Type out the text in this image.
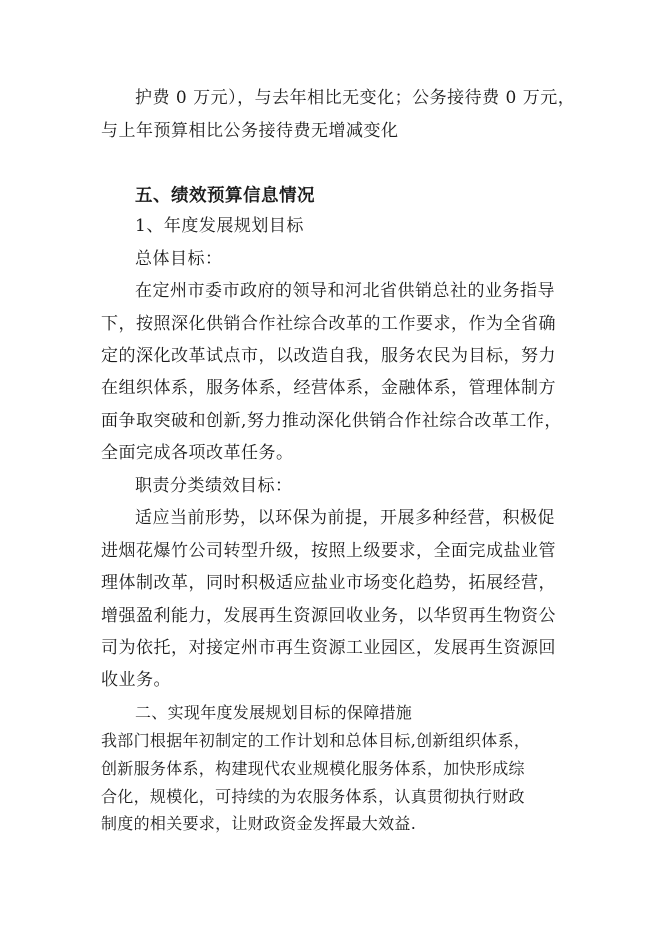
护费 0 万元），与去年相比无变化；公务接待费 0 万元，
与上年预算相比公务接待费无增减变化
五、绩效预算信息情况
1、年度发展规划目标
总体目标：
在定州市委市政府的领导和河北省供销总社的业务指导
下，按照深化供销合作社综合改革的工作要求，作为全省确
定的深化改革试点市，以改造自我，服务农民为目标，努力
在组织体系，服务体系，经营体系，金融体系，管理体制方
面争取突破和创新,努力推动深化供销合作社综合改革工作，
全面完成各项改革任务。
职责分类绩效目标：
适应当前形势，以环保为前提，开展多种经营，积极促
进烟花爆竹公司转型升级，按照上级要求，全面完成盐业管
理体制改革，同时积极适应盐业市场变化趋势，拓展经营，
增强盈利能力，发展再生资源回收业务，以华贸再生物资公
司为依托，对接定州市再生资源工业园区，发展再生资源回
收业务。
二、实现年度发展规划目标的保障措施
我部门根据年初制定的工作计划和总体目标,创新组织体系，
创新服务体系，构建现代农业规模化服务体系，加快形成综
合化，规模化，可持续的为农服务体系，认真贯彻执行财政
制度的相关要求，让财政资金发挥最大效益.
